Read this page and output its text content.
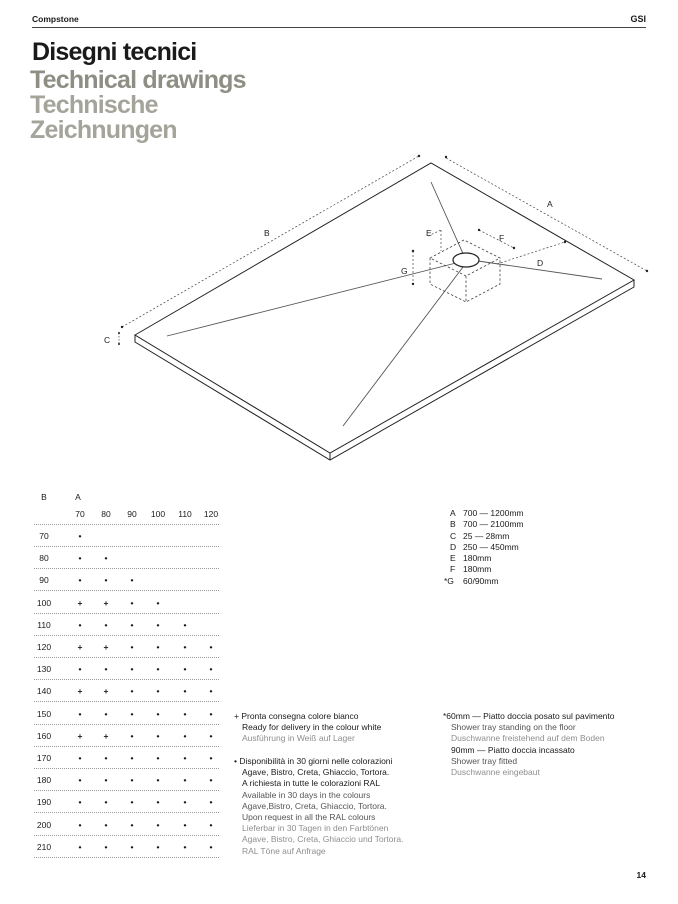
Compstone	GSI
Disegni tecnici
Technical drawings
Technische
Zeichnungen
A
B
C
D
E	F
G
B	A
70	80	90	100	110	120
70	•
80	•	•
90	•	•	•
100	+	+	•	•
110	•	•	•	•	•
120	+	+	•	•	•	•
130	•	•	•	•	•	•
140	+	+	•	•	•	•
150	•	•	•	•	•	•
160	+	+	•	•	•	•
170	•	•	•	•	•	•
180	•	•	•	•	•	•
190	•	•	•	•	•	•
200	•	•	•	•	•	•
210	•	•	•	•	•	•
A 700 — 1200mm
B 700 — 2100mm
C 25 — 28mm
D 250 — 450mm
E 180mm
F 180mm
*G 60/90mm
+ Pronta consegna colore bianco
Ready for delivery in the colour white
Ausführung in Weiß auf Lager
• Disponibilità in 30 giorni nelle colorazioni
Agave, Bistro, Creta, Ghiaccio, Tortora.
A richiesta in tutte le colorazioni RAL
Available in 30 days in the colours
Agave,Bistro, Creta, Ghiaccio, Tortora.
Upon request in all the RAL colours
Lieferbar in 30 Tagen in den Farbtönen
Agave, Bistro, Creta, Ghiaccio und Tortora.
RAL Töne auf Anfrage
*60mm — Piatto doccia posato sul pavimento
Shower tray standing on the floor
Duschwanne freistehend auf dem Boden
90mm — Piatto doccia incassato
Shower tray fitted
Duschwanne eingebaut
14
